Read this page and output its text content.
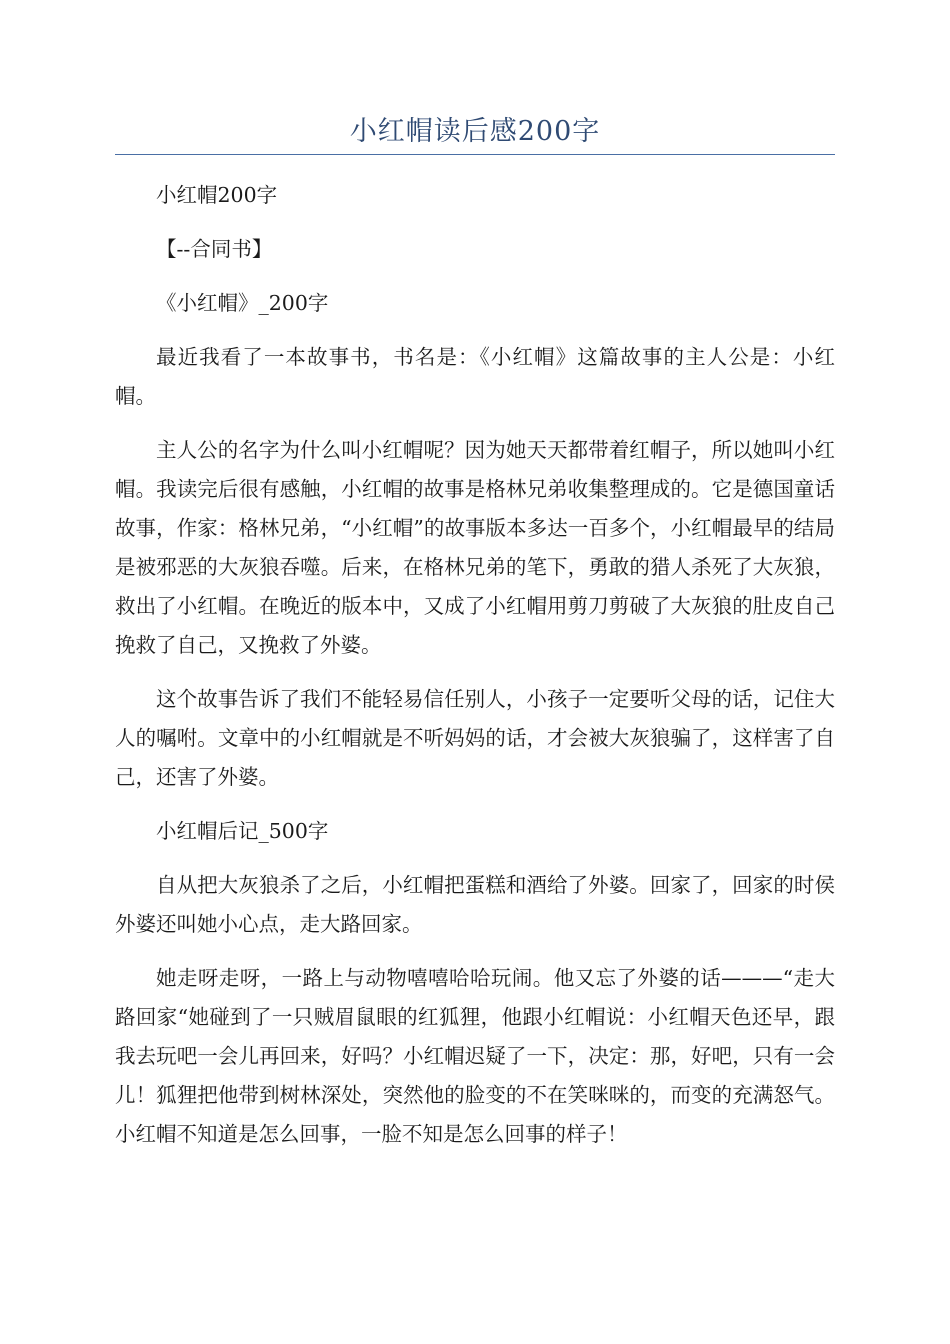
小红帽读后感200字

小红帽200字

【--合同书】

《小红帽》_200字

最近我看了一本故事书，书名是：《小红帽》这篇故事的主人公是：小红帽。

主人公的名字为什么叫小红帽呢？因为她天天都带着红帽子，所以她叫小红帽。我读完后很有感触，小红帽的故事是格林兄弟收集整理成的。它是德国童话故事，作家：格林兄弟，“小红帽”的故事版本多达一百多个，小红帽最早的结局是被邪恶的大灰狼吞噬。后来，在格林兄弟的笔下，勇敢的猎人杀死了大灰狼，救出了小红帽。在晚近的版本中，又成了小红帽用剪刀剪破了大灰狼的肚皮自己挽救了自己，又挽救了外婆。

这个故事告诉了我们不能轻易信任别人，小孩子一定要听父母的话，记住大人的嘱咐。文章中的小红帽就是不听妈妈的话，才会被大灰狼骗了，这样害了自己，还害了外婆。

小红帽后记_500字

自从把大灰狼杀了之后，小红帽把蛋糕和酒给了外婆。回家了，回家的时侯外婆还叫她小心点，走大路回家。

她走呀走呀，一路上与动物嘻嘻哈哈玩闹。他又忘了外婆的话———“走大路回家“她碰到了一只贼眉鼠眼的红狐狸，他跟小红帽说：小红帽天色还早，跟我去玩吧一会儿再回来，好吗？小红帽迟疑了一下，决定：那，好吧，只有一会儿！狐狸把他带到树林深处，突然他的脸变的不在笑咪咪的，而变的充满怒气。小红帽不知道是怎么回事，一脸不知是怎么回事的样子！
